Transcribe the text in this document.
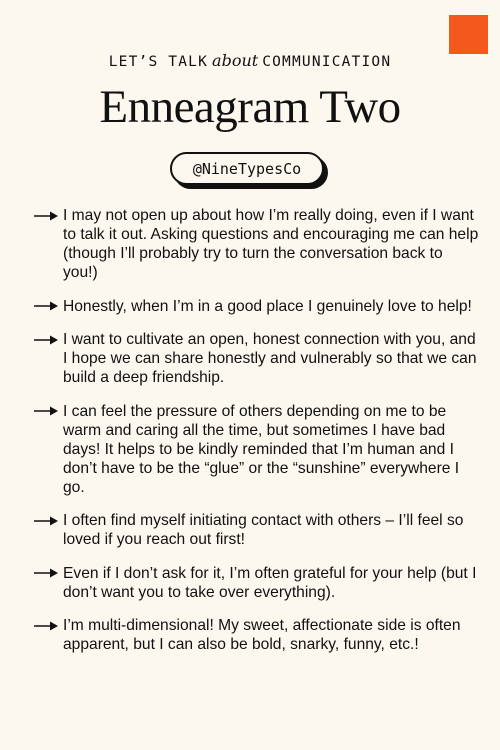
LET’S TALK about COMMUNICATION
Enneagram Two
@NineTypesCo
I may not open up about how I’m really doing, even if I want to talk it out. Asking questions and encouraging me can help (though I’ll probably try to turn the conversation back to you!)
Honestly, when I’m in a good place I genuinely love to help!
I want to cultivate an open, honest connection with you, and I hope we can share honestly and vulnerably so that we can build a deep friendship.
I can feel the pressure of others depending on me to be warm and caring all the time, but sometimes I have bad days! It helps to be kindly reminded that I’m human and I don’t have to be the “glue” or the “sunshine” everywhere I go.
I often find myself initiating contact with others – I’ll feel so loved if you reach out first!
Even if I don’t ask for it, I’m often grateful for your help (but I don’t want you to take over everything).
I’m multi-dimensional! My sweet, affectionate side is often apparent, but I can also be bold, snarky, funny, etc.!
